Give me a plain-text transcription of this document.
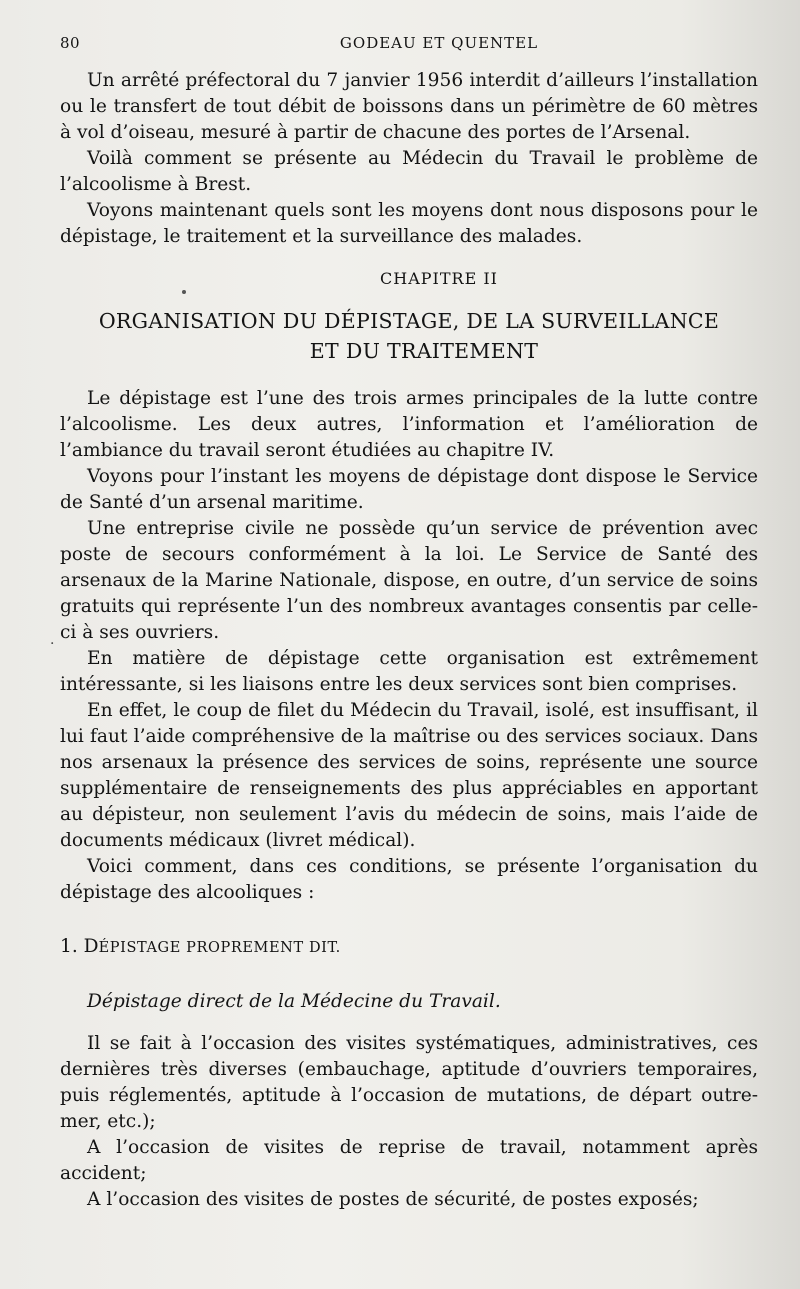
80	GODEAU ET QUENTEL

Un arrêté préfectoral du 7 janvier 1956 interdit d’ailleurs l’installation ou le transfert de tout débit de boissons dans un périmètre de 60 mètres à vol d’oiseau, mesuré à partir de chacune des portes de l’Arsenal.

Voilà comment se présente au Médecin du Travail le problème de l’alcoolisme à Brest.

Voyons maintenant quels sont les moyens dont nous disposons pour le dépistage, le traitement et la surveillance des malades.

CHAPITRE II
ORGANISATION DU DÉPISTAGE, DE LA SURVEILLANCE
ET DU TRAITEMENT

Le dépistage est l’une des trois armes principales de la lutte contre l’alcoolisme. Les deux autres, l’information et l’amélioration de l’ambiance du travail seront étudiées au chapitre IV.

Voyons pour l’instant les moyens de dépistage dont dispose le Service de Santé d’un arsenal maritime.

Une entreprise civile ne possède qu’un service de prévention avec poste de secours conformément à la loi. Le Service de Santé des arsenaux de la Marine Nationale, dispose, en outre, d’un service de soins gratuits qui représente l’un des nombreux avantages consentis par celle-ci à ses ouvriers.

En matière de dépistage cette organisation est extrêmement intéressante, si les liaisons entre les deux services sont bien comprises.

En effet, le coup de filet du Médecin du Travail, isolé, est insuffisant, il lui faut l’aide compréhensive de la maîtrise ou des services sociaux. Dans nos arsenaux la présence des services de soins, représente une source supplémentaire de renseignements des plus appréciables en apportant au dépisteur, non seulement l’avis du médecin de soins, mais l’aide de documents médicaux (livret médical).

Voici comment, dans ces conditions, se présente l’organisation du dépistage des alcooliques :

·

1. DÉPISTAGE PROPREMENT DIT.

Dépistage direct de la Médecine du Travail.

Il se fait à l’occasion des visites systématiques, administratives, ces dernières très diverses (embauchage, aptitude d’ouvriers temporaires, puis réglementés, aptitude à l’occasion de mutations, de départ outre-mer, etc.);

A l’occasion de visites de reprise de travail, notamment après accident;

A l’occasion des visites de postes de sécurité, de postes exposés;
